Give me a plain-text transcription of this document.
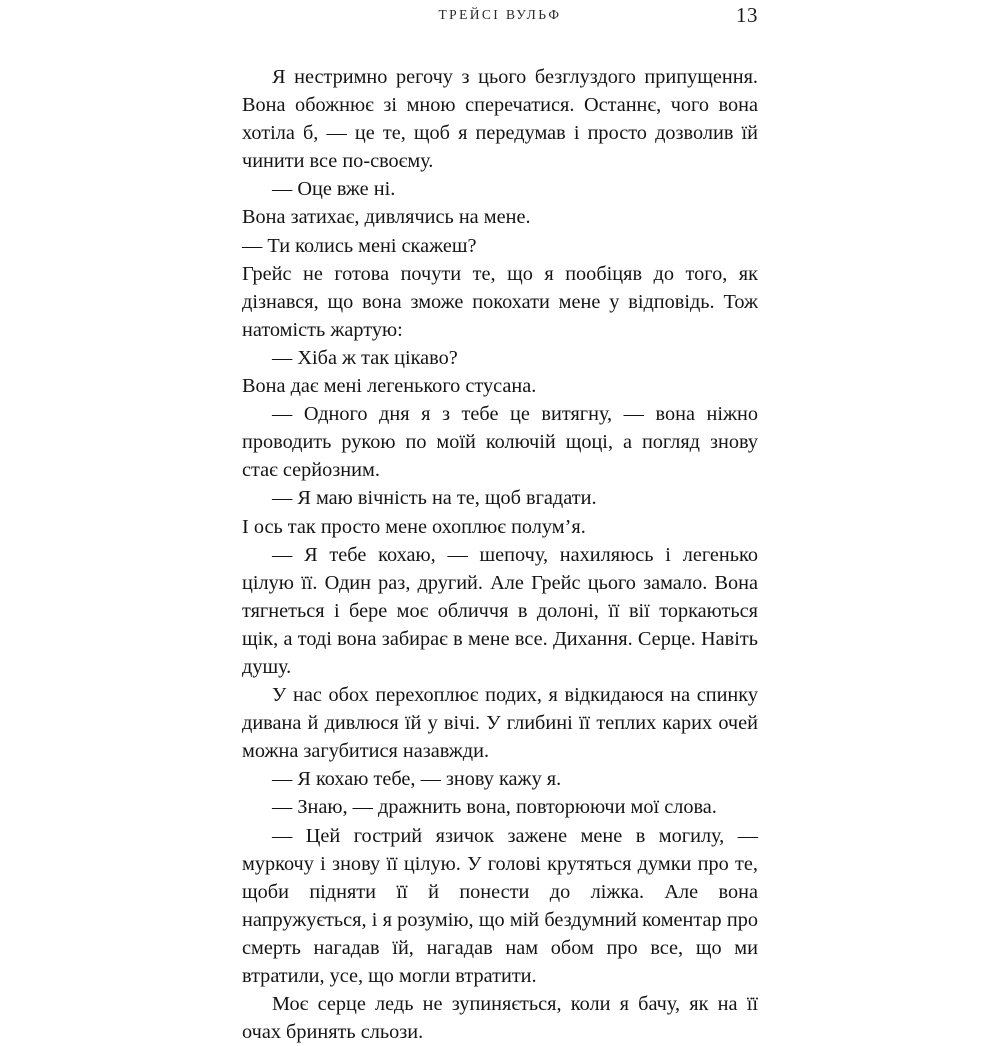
ТРЕЙСІ ВУЛЬФ	13

Я нестримно регочу з цього безглуздого припущення. Вона обожнює зі мною сперечатися. Останнє, чого вона хотіла б, — це те, щоб я передумав і просто дозволив їй чинити все по-своєму.

— Оце вже ні.

Вона затихає, дивлячись на мене.

— Ти колись мені скажеш?

Грейс не готова почути те, що я пообіцяв до того, як дізнався, що вона зможе покохати мене у відповідь. Тож натомість жартую:

— Хіба ж так цікаво?

Вона дає мені легенького стусана.

— Одного дня я з тебе це витягну, — вона ніжно проводить рукою по моїй колючій щоці, а погляд знову стає серйозним.

— Я маю вічність на те, щоб вгадати.

І ось так просто мене охоплює полум’я.

— Я тебе кохаю, — шепочу, нахиляюсь і легенько цілую її. Один раз, другий. Але Грейс цього замало. Вона тягнеться і бере моє обличчя в долоні, її вії торкаються щік, а тоді вона забирає в мене все. Дихання. Серце. Навіть душу.

У нас обох перехоплює подих, я відкидаюся на спинку дивана й дивлюся їй у вічі. У глибині її теплих карих очей можна загубитися назавжди.

— Я кохаю тебе, — знову кажу я.

— Знаю, — дражнить вона, повторюючи мої слова.

— Цей гострий язичок зажене мене в могилу, — муркочу і знову її цілую. У голові крутяться думки про те, щоби підняти її й понести до ліжка. Але вона напружується, і я розумію, що мій бездумний коментар про смерть нагадав їй, нагадав нам обом про все, що ми втратили, усе, що могли втратити.

Моє серце ледь не зупиняється, коли я бачу, як на її очах бринять сльози.
